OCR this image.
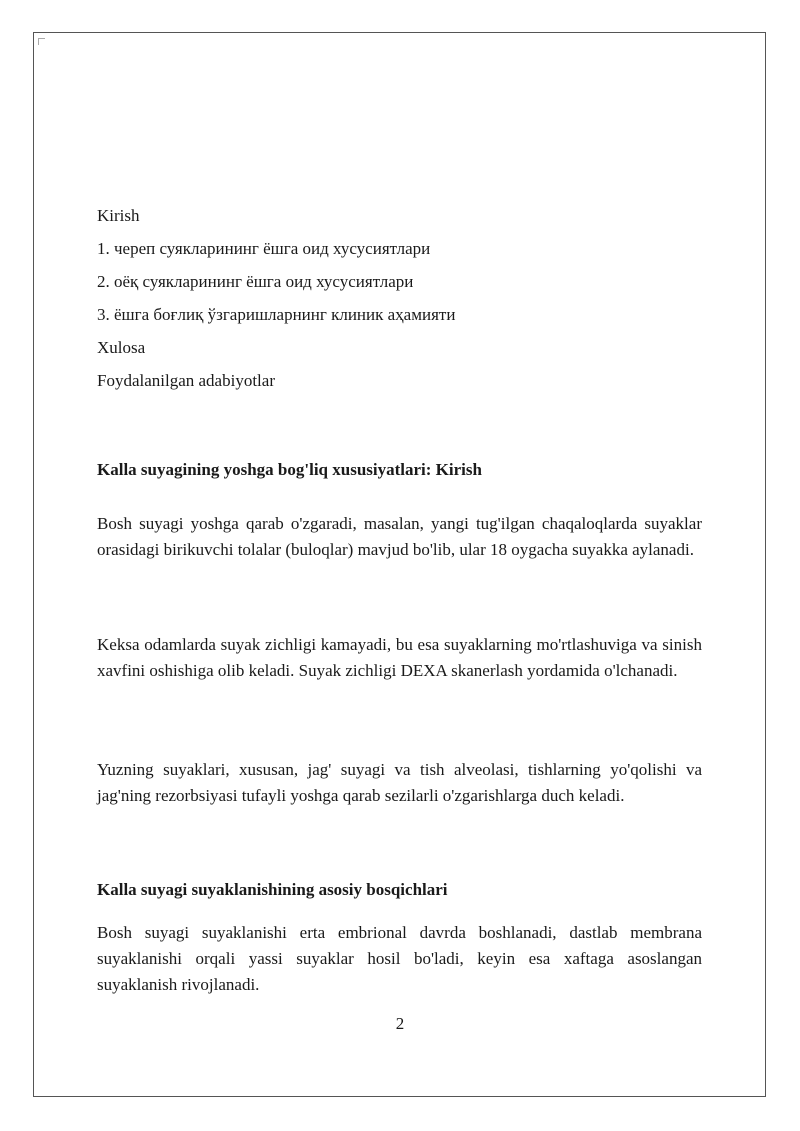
Kirish
1. череп суякларининг ёшга оид хусусиятлари
2. оёқ суякларининг ёшга оид хусусиятлари
3. ёшга боғлиқ ўзгаришларнинг клиник аҳамияти
Xulosa
Foydalanilgan adabiyotlar
Kalla suyagining yoshga bog'liq xususiyatlari: Kirish

Bosh suyagi yoshga qarab o'zgaradi, masalan, yangi tug'ilgan chaqaloqlarda suyaklar orasidagi birikuvchi tolalar (buloqlar) mavjud bo'lib, ular 18 oygacha suyakka aylanadi.

Keksa odamlarda suyak zichligi kamayadi, bu esa suyaklarning mo'rtlashuviga va sinish xavfini oshishiga olib keladi. Suyak zichligi DEXA skanerlash yordamida o'lchanadi.

Yuzning suyaklari, xususan, jag' suyagi va tish alveolasi, tishlarning yo'qolishi va jag'ning rezorbsiyasi tufayli yoshga qarab sezilarli o'zgarishlarga duch keladi.

Kalla suyagi suyaklanishining asosiy bosqichlari

Bosh suyagi suyaklanishi erta embrional davrda boshlanadi, dastlab membrana suyaklanishi orqali yassi suyaklar hosil bo'ladi, keyin esa xaftaga asoslangan suyaklanish rivojlanadi.

2
